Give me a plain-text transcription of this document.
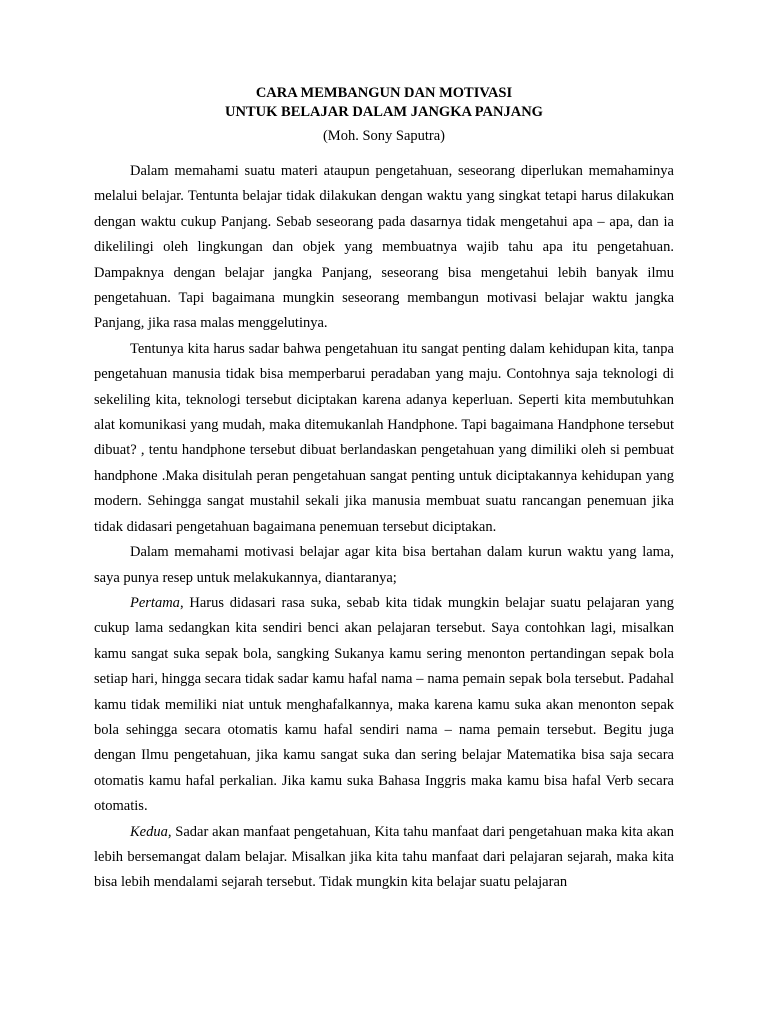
CARA MEMBANGUN DAN MOTIVASI

UNTUK BELAJAR DALAM JANGKA PANJANG

(Moh. Sony Saputra)

Dalam memahami suatu materi ataupun pengetahuan, seseorang diperlukan memahaminya melalui belajar. Tentunta belajar tidak dilakukan dengan waktu yang singkat tetapi harus dilakukan dengan waktu cukup Panjang. Sebab seseorang pada dasarnya tidak mengetahui apa – apa, dan ia dikelilingi oleh lingkungan dan objek yang membuatnya wajib tahu apa itu pengetahuan. Dampaknya dengan belajar jangka Panjang, seseorang bisa mengetahui lebih banyak ilmu pengetahuan. Tapi bagaimana mungkin seseorang membangun motivasi belajar waktu jangka Panjang, jika rasa malas menggelutinya.

Tentunya kita harus sadar bahwa pengetahuan itu sangat penting dalam kehidupan kita, tanpa pengetahuan manusia tidak bisa memperbarui peradaban yang maju. Contohnya saja teknologi di sekeliling kita, teknologi tersebut diciptakan karena adanya keperluan. Seperti kita membutuhkan alat komunikasi yang mudah, maka ditemukanlah Handphone. Tapi bagaimana Handphone tersebut dibuat? , tentu handphone tersebut dibuat berlandaskan pengetahuan yang dimiliki oleh si pembuat handphone .Maka disitulah peran pengetahuan sangat penting untuk diciptakannya kehidupan yang modern. Sehingga sangat mustahil sekali jika manusia membuat suatu rancangan penemuan jika tidak didasari pengetahuan bagaimana penemuan tersebut diciptakan.

Dalam memahami motivasi belajar agar kita bisa bertahan dalam kurun waktu yang lama, saya punya resep untuk melakukannya, diantaranya;

Pertama, Harus didasari rasa suka, sebab kita tidak mungkin belajar suatu pelajaran yang cukup lama sedangkan kita sendiri benci akan pelajaran tersebut. Saya contohkan lagi, misalkan kamu sangat suka sepak bola, sangking Sukanya kamu sering menonton pertandingan sepak bola setiap hari, hingga secara tidak sadar kamu hafal nama – nama pemain sepak bola tersebut. Padahal kamu tidak memiliki niat untuk menghafalkannya, maka karena kamu suka akan menonton sepak bola sehingga secara otomatis kamu hafal sendiri nama – nama pemain tersebut. Begitu juga dengan Ilmu pengetahuan, jika kamu sangat suka dan sering belajar Matematika bisa saja secara otomatis kamu hafal perkalian. Jika kamu suka Bahasa Inggris maka kamu bisa hafal Verb secara otomatis.

Kedua, Sadar akan manfaat pengetahuan, Kita tahu manfaat dari pengetahuan maka kita akan lebih bersemangat dalam belajar. Misalkan jika kita tahu manfaat dari pelajaran sejarah, maka kita bisa lebih mendalami sejarah tersebut. Tidak mungkin kita belajar suatu pelajaran
